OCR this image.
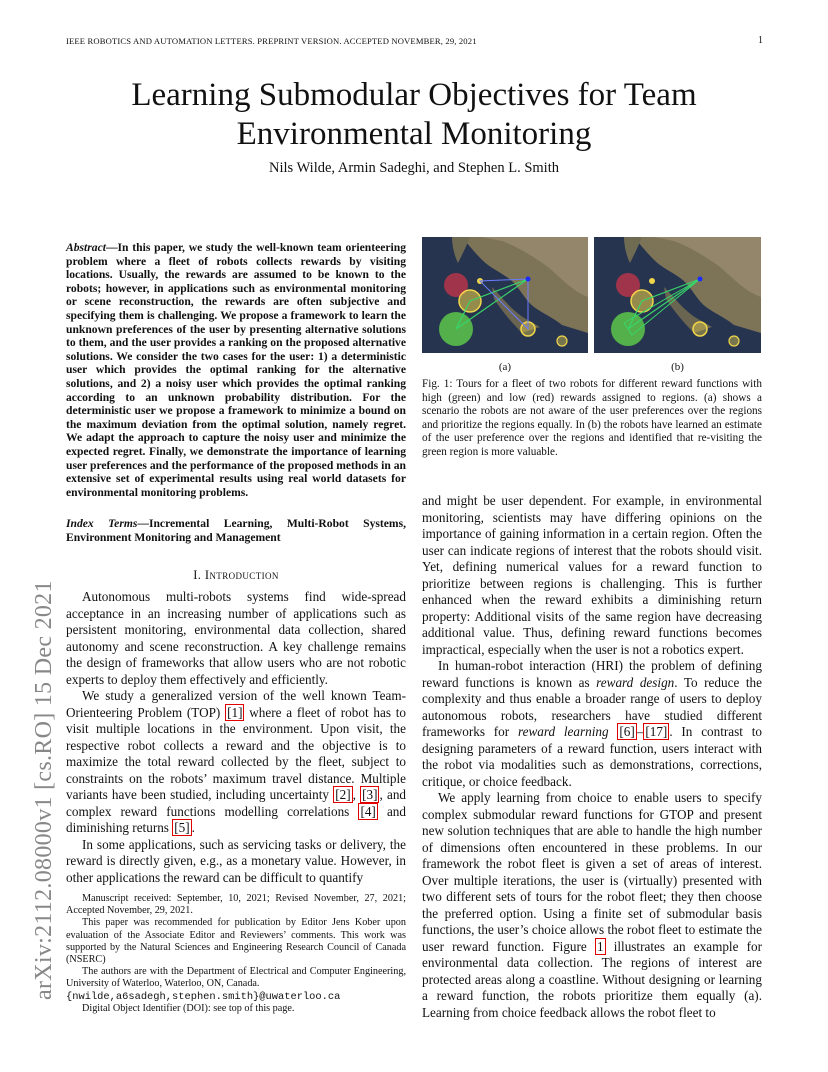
IEEE ROBOTICS AND AUTOMATION LETTERS. PREPRINT VERSION. ACCEPTED NOVEMBER, 29, 2021	1
Learning Submodular Objectives for Team
Environmental Monitoring
Nils Wilde, Armin Sadeghi, and Stephen L. Smith
arXiv:2112.08000v1 [cs.RO] 15 Dec 2021
Abstract—In this paper, we study the well-known team orienteering problem where a fleet of robots collects rewards by visiting locations. Usually, the rewards are assumed to be known to the robots; however, in applications such as environmental monitoring or scene reconstruction, the rewards are often subjective and specifying them is challenging. We propose a framework to learn the unknown preferences of the user by presenting alternative solutions to them, and the user provides a ranking on the proposed alternative solutions. We consider the two cases for the user: 1) a deterministic user which provides the optimal ranking for the alternative solutions, and 2) a noisy user which provides the optimal ranking according to an unknown probability distribution. For the deterministic user we propose a framework to minimize a bound on the maximum deviation from the optimal solution, namely regret. We adapt the approach to capture the noisy user and minimize the expected regret. Finally, we demonstrate the importance of learning user preferences and the performance of the proposed methods in an extensive set of experimental results using real world datasets for environmental monitoring problems.
Index Terms—Incremental Learning, Multi-Robot Systems, Environment Monitoring and Management
I. Introduction

Autonomous multi-robots systems find wide-spread acceptance in an increasing number of applications such as persistent monitoring, environmental data collection, shared autonomy and scene reconstruction. A key challenge remains the design of frameworks that allow users who are not robotic experts to deploy them effectively and efficiently.

We study a generalized version of the well known Team-Orienteering Problem (TOP) [1] where a fleet of robot has to visit multiple locations in the environment. Upon visit, the respective robot collects a reward and the objective is to maximize the total reward collected by the fleet, subject to constraints on the robots’ maximum travel distance. Multiple variants have been studied, including uncertainty [2] , [3] , and complex reward functions modelling correlations [4] and diminishing returns [5] .

In some applications, such as servicing tasks or delivery, the reward is directly given, e.g., as a monetary value. However, in other applications the reward can be difficult to quantify

Manuscript received: September, 10, 2021; Revised November, 27, 2021; Accepted November, 29, 2021.

This paper was recommended for publication by Editor Jens Kober upon evaluation of the Associate Editor and Reviewers’ comments. This work was supported by the Natural Sciences and Engineering Research Council of Canada (NSERC)

The authors are with the Department of Electrical and Computer Engineering, University of Waterloo, Waterloo, ON, Canada.

{nwilde,a6sadegh,stephen.smith}@uwaterloo.ca

Digital Object Identifier (DOI): see top of this page.

(a)	(b)
Fig. 1: Tours for a fleet of two robots for different reward functions with high (green) and low (red) rewards assigned to regions. (a) shows a scenario the robots are not aware of the user preferences over the regions and prioritize the regions equally. In (b) the robots have learned an estimate of the user preference over the regions and identified that re-visiting the green region is more valuable.

and might be user dependent. For example, in environmental monitoring, scientists may have differing opinions on the importance of gaining information in a certain region. Often the user can indicate regions of interest that the robots should visit. Yet, defining numerical values for a reward function to prioritize between regions is challenging. This is further enhanced when the reward exhibits a diminishing return property: Additional visits of the same region have decreasing additional value. Thus, defining reward functions becomes impractical, especially when the user is not a robotics expert.

In human-robot interaction (HRI) the problem of defining reward functions is known as reward design. To reduce the complexity and thus enable a broader range of users to deploy autonomous robots, researchers have studied different frameworks for reward learning [6] – [17] . In contrast to designing parameters of a reward function, users interact with the robot via modalities such as demonstrations, corrections, critique, or choice feedback.

We apply learning from choice to enable users to specify complex submodular reward functions for GTOP and present new solution techniques that are able to handle the high number of dimensions often encountered in these problems. In our framework the robot fleet is given a set of areas of interest. Over multiple iterations, the user is (virtually) presented with two different sets of tours for the robot fleet; they then choose the preferred option. Using a finite set of submodular basis functions, the user’s choice allows the robot fleet to estimate the user reward function. Figure 1 illustrates an example for environmental data collection. The regions of interest are protected areas along a coastline. Without designing or learning a reward function, the robots prioritize them equally (a). Learning from choice feedback allows the robot fleet to
